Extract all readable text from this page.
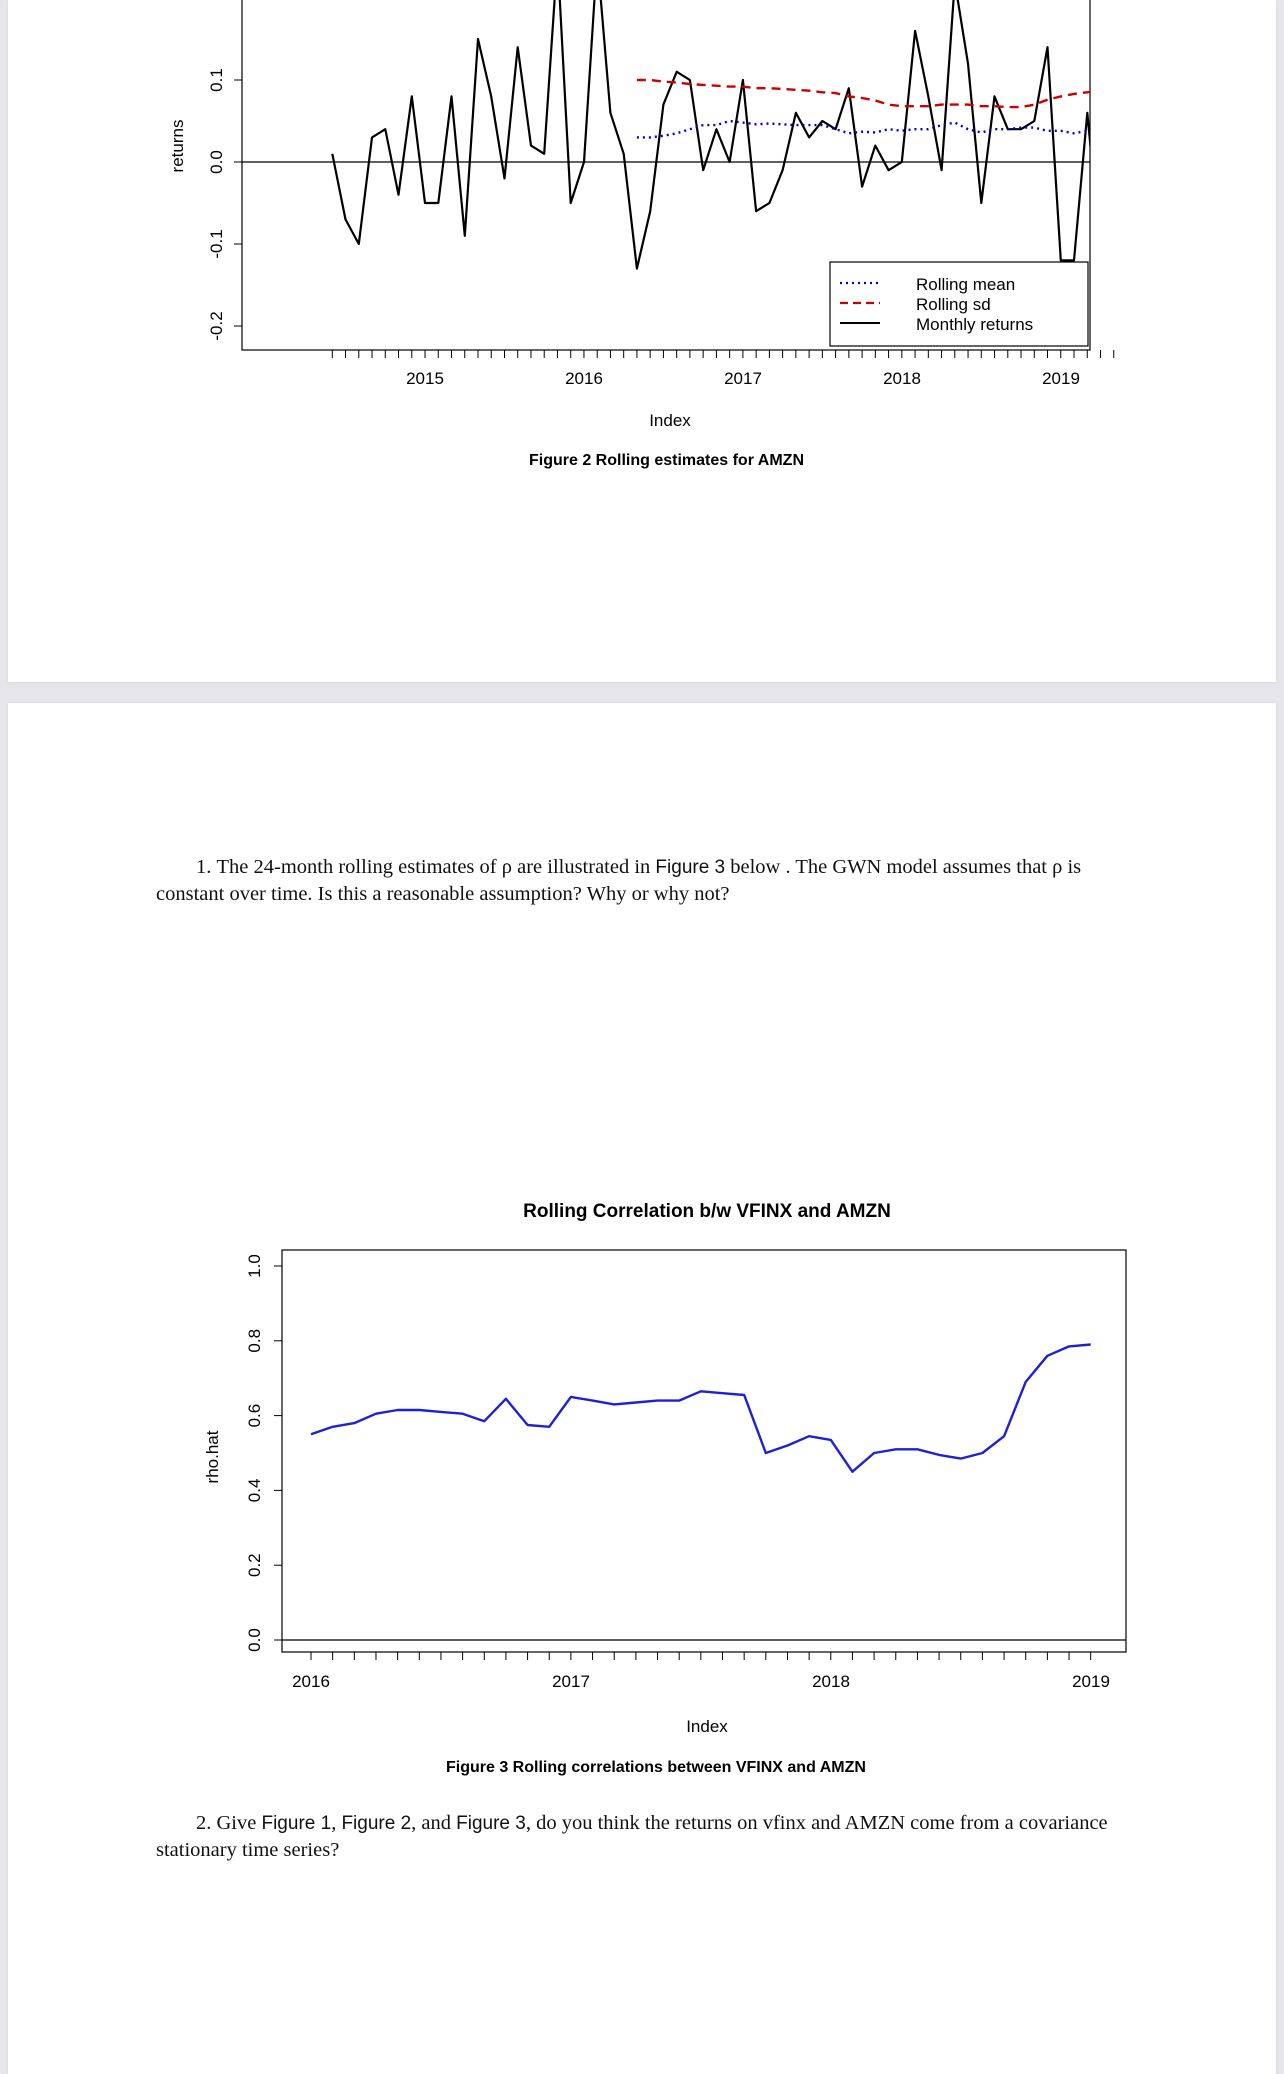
-0.2
-0.1
0.0
0.1
2015	2016	2017	2018	2019
Rolling mean
Rolling sd
Monthly returns
Index
returns
Figure 2 Rolling estimates for AMZN
1. The 24-month rolling estimates of ρ are illustrated in Figure 3 below . The GWN model assumes that ρ is constant over time. Is this a reasonable assumption? Why or why not?
Rolling Correlation b/w VFINX and AMZN
0.0
0.2
0.4
0.6
0.8
1.0
2016	2017	2018	2019
Index
rho.hat
Figure 3 Rolling correlations between VFINX and AMZN
2. Give Figure 1, Figure 2, and Figure 3, do you think the returns on vfinx and AMZN come from a covariance stationary time series?
